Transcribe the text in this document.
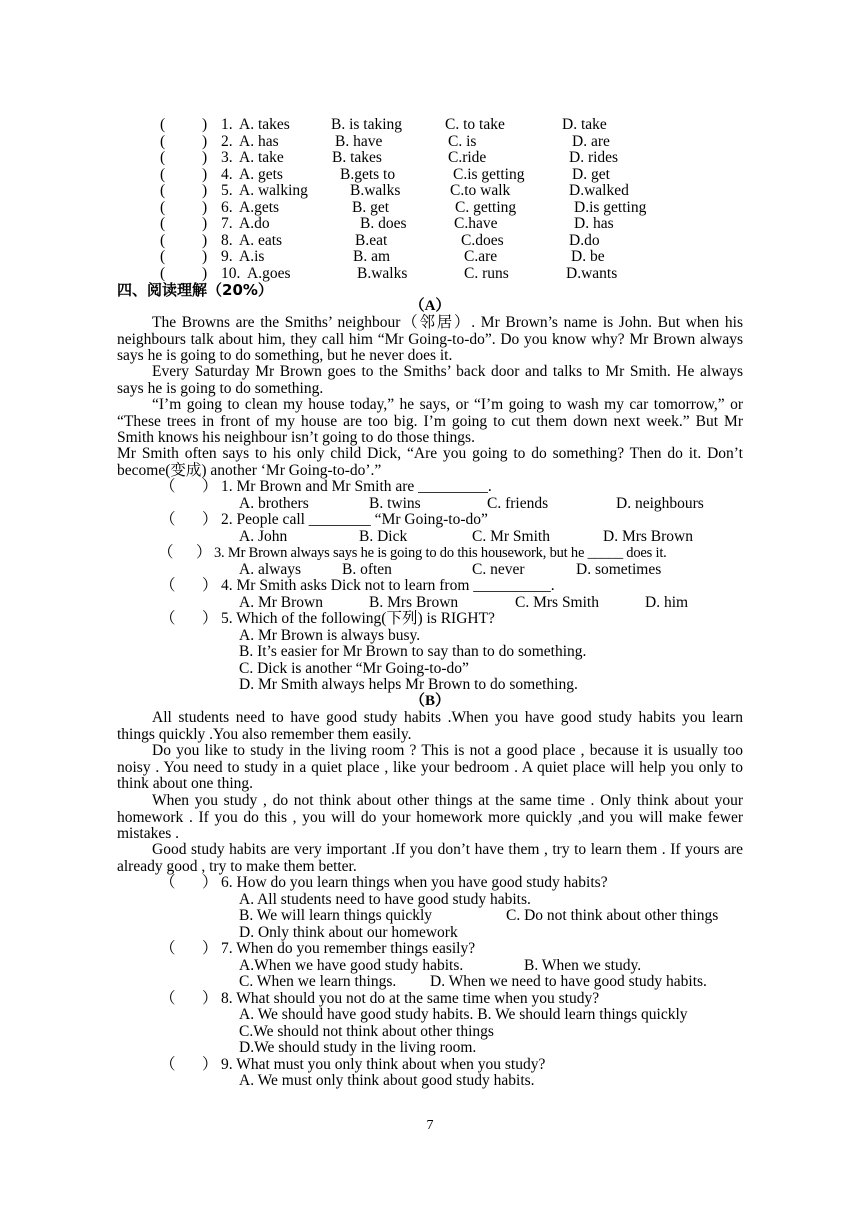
( ) 1. A. takes	B. is taking	C. to take	D. take
( ) 2. A. has	B. have	C. is	D. are
( ) 3. A. take	B. takes	C.ride	D. rides
( ) 4. A. gets	B.gets to	C.is getting	D. get
( ) 5. A. walking	B.walks	C.to walk	D.walked
( ) 6. A.gets	B. get	C. getting	D.is getting
( ) 7. A.do	B. does	C.have	D. has
( ) 8. A. eats	B.eat	C.does	D.do
( ) 9. A.is	B. am	C.are	D. be
( ) 10. A.goes	B.walks	C. runs	D.wants
四、阅读理解（20%）
（A）
The Browns are the Smiths’ neighbour（邻居）. Mr Brown’s name is John. But when his neighbours talk about him, they call him “Mr Going-to-do”. Do you know why? Mr Brown always says he is going to do something, but he never does it.
Every Saturday Mr Brown goes to the Smiths’ back door and talks to Mr Smith. He always says he is going to do something.
“I’m going to clean my house today,” he says, or “I’m going to wash my car tomorrow,” or “These trees in front of my house are too big. I’m going to cut them down next week.” But Mr Smith knows his neighbour isn’t going to do those things.
Mr Smith often says to his only child Dick, “Are you going to do something? Then do it. Don’t become(变成) another ‘Mr Going-to-do’.”
（ ） 1. Mr Brown and Mr Smith are _________.
A. brothers	B. twins	C. friends	D. neighbours
（ ） 2. People call ________ “Mr Going-to-do”
A. John	B. Dick	C. Mr Smith	D. Mrs Brown
（ ） 3. Mr Brown always says he is going to do this housework, but he _____ does it.
A. always	B. often	C. never	D. sometimes
（ ） 4. Mr Smith asks Dick not to learn from __________.
A. Mr Brown	B. Mrs Brown	C. Mrs Smith	D. him
（ ） 5. Which of the following(下列) is RIGHT?
A. Mr Brown is always busy.
B. It’s easier for Mr Brown to say than to do something.
C. Dick is another “Mr Going-to-do”
D. Mr Smith always helps Mr Brown to do something.
（B）
All students need to have good study habits .When you have good study habits you learn things quickly .You also remember them easily.
Do you like to study in the living room ? This is not a good place , because it is usually too noisy . You need to study in a quiet place , like your bedroom . A quiet place will help you only to think about one thing.
When you study , do not think about other things at the same time . Only think about your homework . If you do this , you will do your homework more quickly ,and you will make fewer mistakes .
Good study habits are very important .If you don’t have them , try to learn them . If yours are already good , try to make them better.
（ ） 6. How do you learn things when you have good study habits?
A. All students need to have good study habits.
B. We will learn things quickly	C. Do not think about other things
D. Only think about our homework
（ ） 7. When do you remember things easily?
A.When we have good study habits.	B. When we study.
C. When we learn things. D. When we need to have good study habits.
（ ） 8. What should you not do at the same time when you study?
A. We should have good study habits. B. We should learn things quickly
C.We should not think about other things
D.We should study in the living room.
（ ） 9. What must you only think about when you study?
A. We must only think about good study habits.
7
